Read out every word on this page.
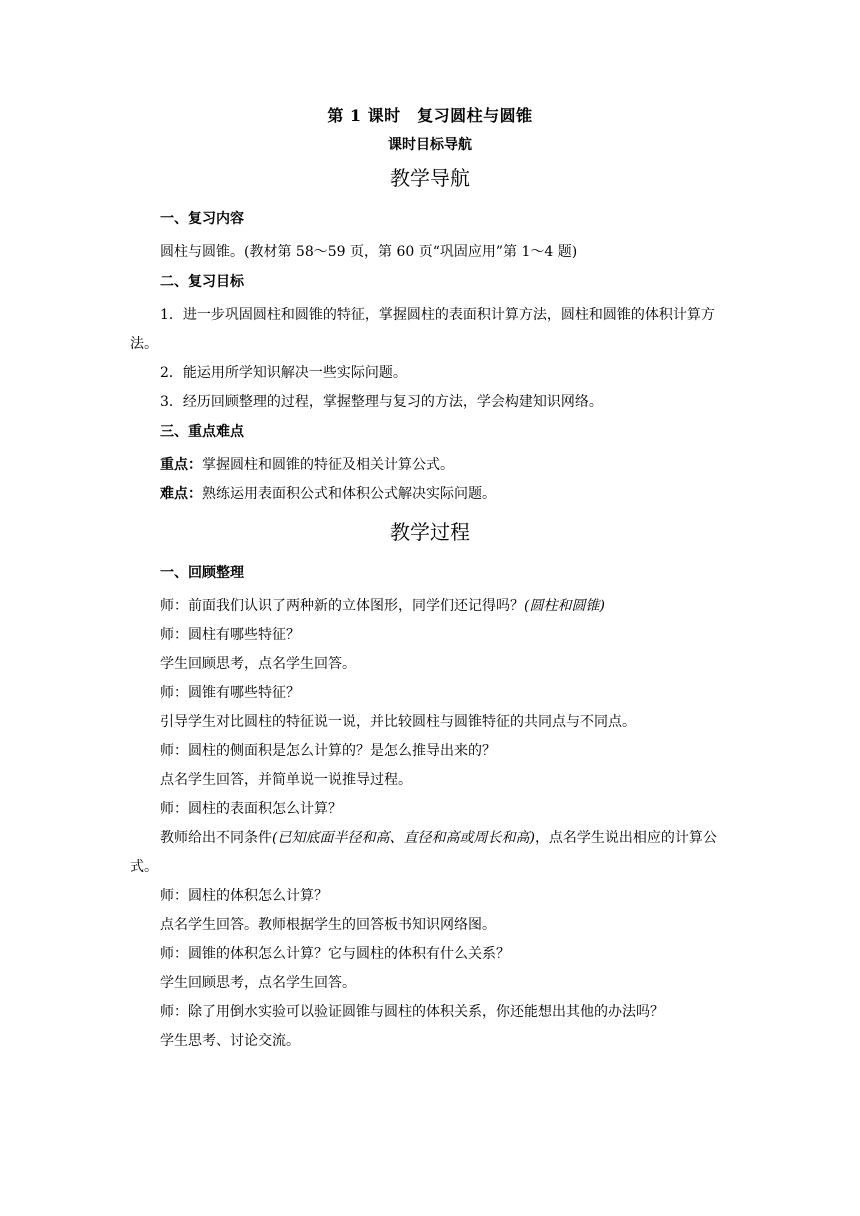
第 1 课时　复习圆柱与圆锥
课时目标导航
教学导航
一、复习内容

圆柱与圆锥。(教材第 58～59 页，第 60 页“巩固应用”第 1～4 题)

二、复习目标

1．进一步巩固圆柱和圆锥的特征，掌握圆柱的表面积计算方法，圆柱和圆锥的体积计算方法。

2．能运用所学知识解决一些实际问题。

3．经历回顾整理的过程，掌握整理与复习的方法，学会构建知识网络。

三、重点难点

重点：掌握圆柱和圆锥的特征及相关计算公式。

难点：熟练运用表面积公式和体积公式解决实际问题。

教学过程
一、回顾整理

师：前面我们认识了两种新的立体图形，同学们还记得吗？(圆柱和圆锥)

师：圆柱有哪些特征？

学生回顾思考，点名学生回答。

师：圆锥有哪些特征？

引导学生对比圆柱的特征说一说，并比较圆柱与圆锥特征的共同点与不同点。

师：圆柱的侧面积是怎么计算的？是怎么推导出来的？

点名学生回答，并简单说一说推导过程。

师：圆柱的表面积怎么计算？

教师给出不同条件(已知底面半径和高、直径和高或周长和高)，点名学生说出相应的计算公式。

师：圆柱的体积怎么计算？

点名学生回答。教师根据学生的回答板书知识网络图。

师：圆锥的体积怎么计算？它与圆柱的体积有什么关系？

学生回顾思考，点名学生回答。

师：除了用倒水实验可以验证圆锥与圆柱的体积关系，你还能想出其他的办法吗？

学生思考、讨论交流。
